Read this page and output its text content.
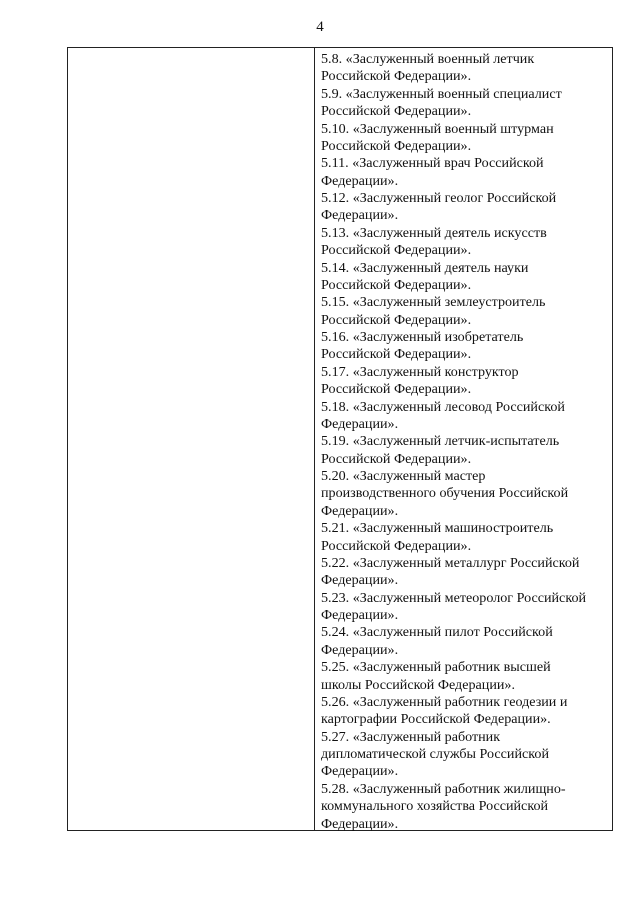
4

5.8. «Заслуженный военный летчик
Российской Федерации».

5.9. «Заслуженный военный специалист
Российской Федерации».

5.10. «Заслуженный военный штурман
Российской Федерации».

5.11. «Заслуженный врач Российской
Федерации».

5.12. «Заслуженный геолог Российской
Федерации».

5.13. «Заслуженный деятель искусств
Российской Федерации».

5.14. «Заслуженный деятель науки
Российской Федерации».

5.15. «Заслуженный землеустроитель
Российской Федерации».

5.16. «Заслуженный изобретатель
Российской Федерации».

5.17. «Заслуженный конструктор
Российской Федерации».

5.18. «Заслуженный лесовод Российской
Федерации».

5.19. «Заслуженный летчик-испытатель
Российской Федерации».

5.20. «Заслуженный мастер
производственного обучения Российской
Федерации».

5.21. «Заслуженный машиностроитель
Российской Федерации».

5.22. «Заслуженный металлург Российской
Федерации».

5.23. «Заслуженный метеоролог Российской
Федерации».

5.24. «Заслуженный пилот Российской
Федерации».

5.25. «Заслуженный работник высшей
школы Российской Федерации».

5.26. «Заслуженный работник геодезии и
картографии Российской Федерации».

5.27. «Заслуженный работник
дипломатической службы Российской
Федерации».

5.28. «Заслуженный работник жилищно-
коммунального хозяйства Российской
Федерации».
